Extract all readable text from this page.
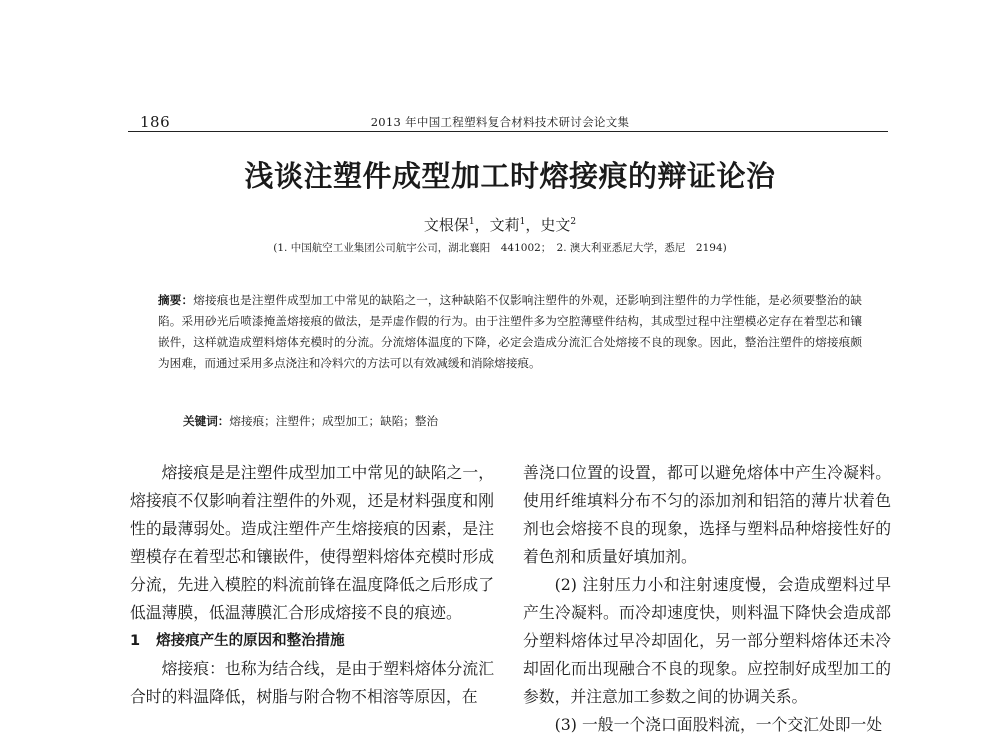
186	2013 年中国工程塑料复合材料技术研讨会论文集
浅谈注塑件成型加工时熔接痕的辩证论治

文根保$^1$，文莉$^1$，史文$^2$

(1. 中国航空工业集团公司航宇公司，湖北襄阳　441002；　2. 澳大利亚悉尼大学，悉尼　2194)

摘要：熔接痕也是注塑件成型加工中常见的缺陷之一，这种缺陷不仅影响注塑件的外观，还影响到注塑件的力学性能，是必须要整治的缺陷。采用砂光后喷漆掩盖熔接痕的做法，是弄虚作假的行为。由于注塑件多为空腔薄壁件结构，其成型过程中注塑模必定存在着型芯和镶嵌件，这样就造成塑料熔体充模时的分流。分流熔体温度的下降，必定会造成分流汇合处熔接不良的现象。因此，整治注塑件的熔接痕颇为困难，而通过采用多点浇注和冷料穴的方法可以有效减缓和消除熔接痕。

关键词：熔接痕；注塑件；成型加工；缺陷；整治

熔接痕是是注塑件成型加工中常见的缺陷之一，熔接痕不仅影响着注塑件的外观，还是材料强度和刚性的最薄弱处。造成注塑件产生熔接痕的因素，是注塑模存在着型芯和镶嵌件，使得塑料熔体充模时形成分流，先进入模腔的料流前锋在温度降低之后形成了低温薄膜，低温薄膜汇合形成熔接不良的痕迹。

1 熔接痕产生的原因和整治措施

熔接痕：也称为结合线，是由于塑料熔体分流汇合时的料温降低，树脂与附合物不相溶等原因，在

善浇口位置的设置，都可以避免熔体中产生冷凝料。使用纤维填料分布不匀的添加剂和铝箔的薄片状着色剂也会熔接不良的现象，选择与塑料品种熔接性好的着色剂和质量好填加剂。

(2) 注射压力小和注射速度慢，会造成塑料过早产生冷凝料。而冷却速度快，则料温下降快会造成部分塑料熔体过早冷却固化，另一部分塑料熔体还未冷却固化而出现融合不良的现象。应控制好成型加工的参数，并注意加工参数之间的协调关系。

(3) 一般一个浇口面股料流，一个交汇处即一处
